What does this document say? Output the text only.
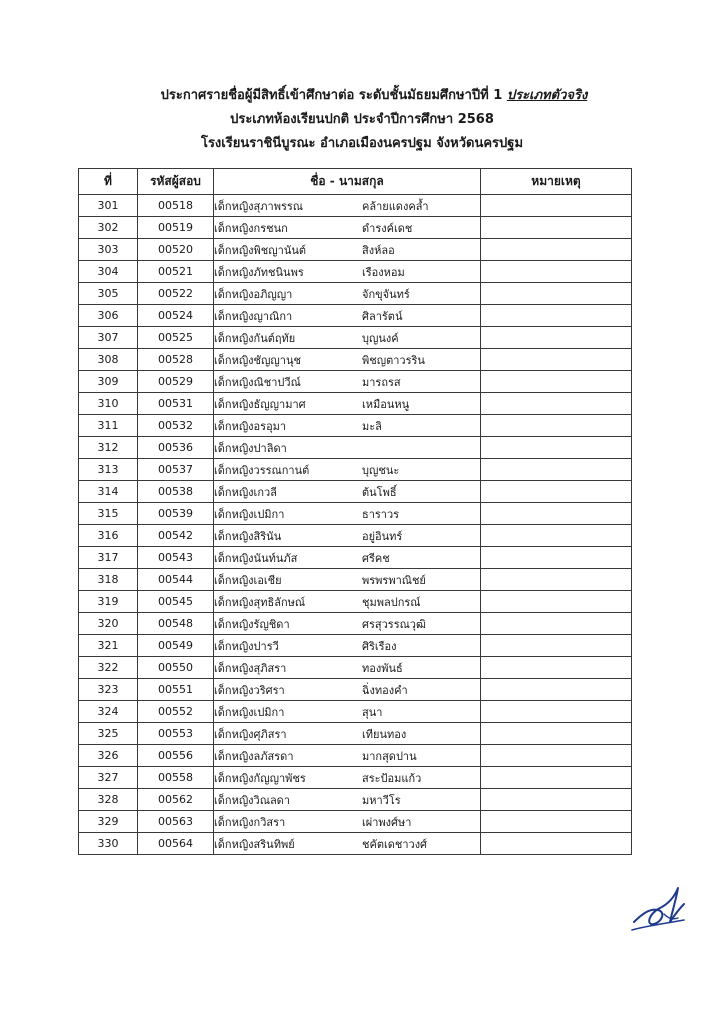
ประกาศรายชื่อผู้มีสิทธิ์เข้าศึกษาต่อ ระดับชั้นมัธยมศึกษาปีที่ 1 ประเภทตัวจริง
ประเภทห้องเรียนปกติ ประจำปีการศึกษา 2568
โรงเรียนราชินีบูรณะ อำเภอเมืองนครปฐม จังหวัดนครปฐม
ที่	รหัสผู้สอบ	ชื่อ - นามสกุล	หมายเหตุ
301	00518	เด็กหญิงสุภาพรรณ คล้ายแดงคล้ำ	
302	00519	เด็กหญิงกรชนก ดำรงค์เดช	
303	00520	เด็กหญิงพิชญานันต์ สิงห์ลอ	
304	00521	เด็กหญิงภัทชนินพร เรืองหอม	
305	00522	เด็กหญิงอภิญญา จักขุจันทร์	
306	00524	เด็กหญิงญาณิกา ศิลารัตน์	
307	00525	เด็กหญิงกันต์ฤทัย บุญนงค์	
308	00528	เด็กหญิงชัญญานุช พิชญตาวรริน	
309	00529	เด็กหญิงณิชาปวีณ์ มารถรส	
310	00531	เด็กหญิงธัญญามาศ เหมือนหนู	
311	00532	เด็กหญิงอรอุมา มะลิ	
312	00536	เด็กหญิงปาลิดา	
313	00537	เด็กหญิงวรรณกานต์ บุญชนะ	
314	00538	เด็กหญิงเกวลี ต้นโพธิ์	
315	00539	เด็กหญิงเปมิกา ธาราวร	
316	00542	เด็กหญิงสิรินัน อยู่อินทร์	
317	00543	เด็กหญิงนันท์นภัส ศรีคช	
318	00544	เด็กหญิงเอเชีย พรพรพาณิชย์	
319	00545	เด็กหญิงสุทธิลักษณ์ ชุมพลปกรณ์	
320	00548	เด็กหญิงรัญชิดา ศรสุวรรณวุฒิ	
321	00549	เด็กหญิงปารวี ศิริเรือง	
322	00550	เด็กหญิงสุภิสรา ทองพันธ์	
323	00551	เด็กหญิงวริศรา ฉิ่งทองคำ	
324	00552	เด็กหญิงเปมิกา สุนา	
325	00553	เด็กหญิงศุภิสรา เทียนทอง	
326	00556	เด็กหญิงลภัสรดา มากสุดปาน	
327	00558	เด็กหญิงกัญญาพัชร สระป้อมแก้ว	
328	00562	เด็กหญิงวิณลดา มหาวีโร	
329	00563	เด็กหญิงกวิสรา เผ่าพงศ์ษา	
330	00564	เด็กหญิงสรินทิพย์ ชคัตเดชาวงศ์	
